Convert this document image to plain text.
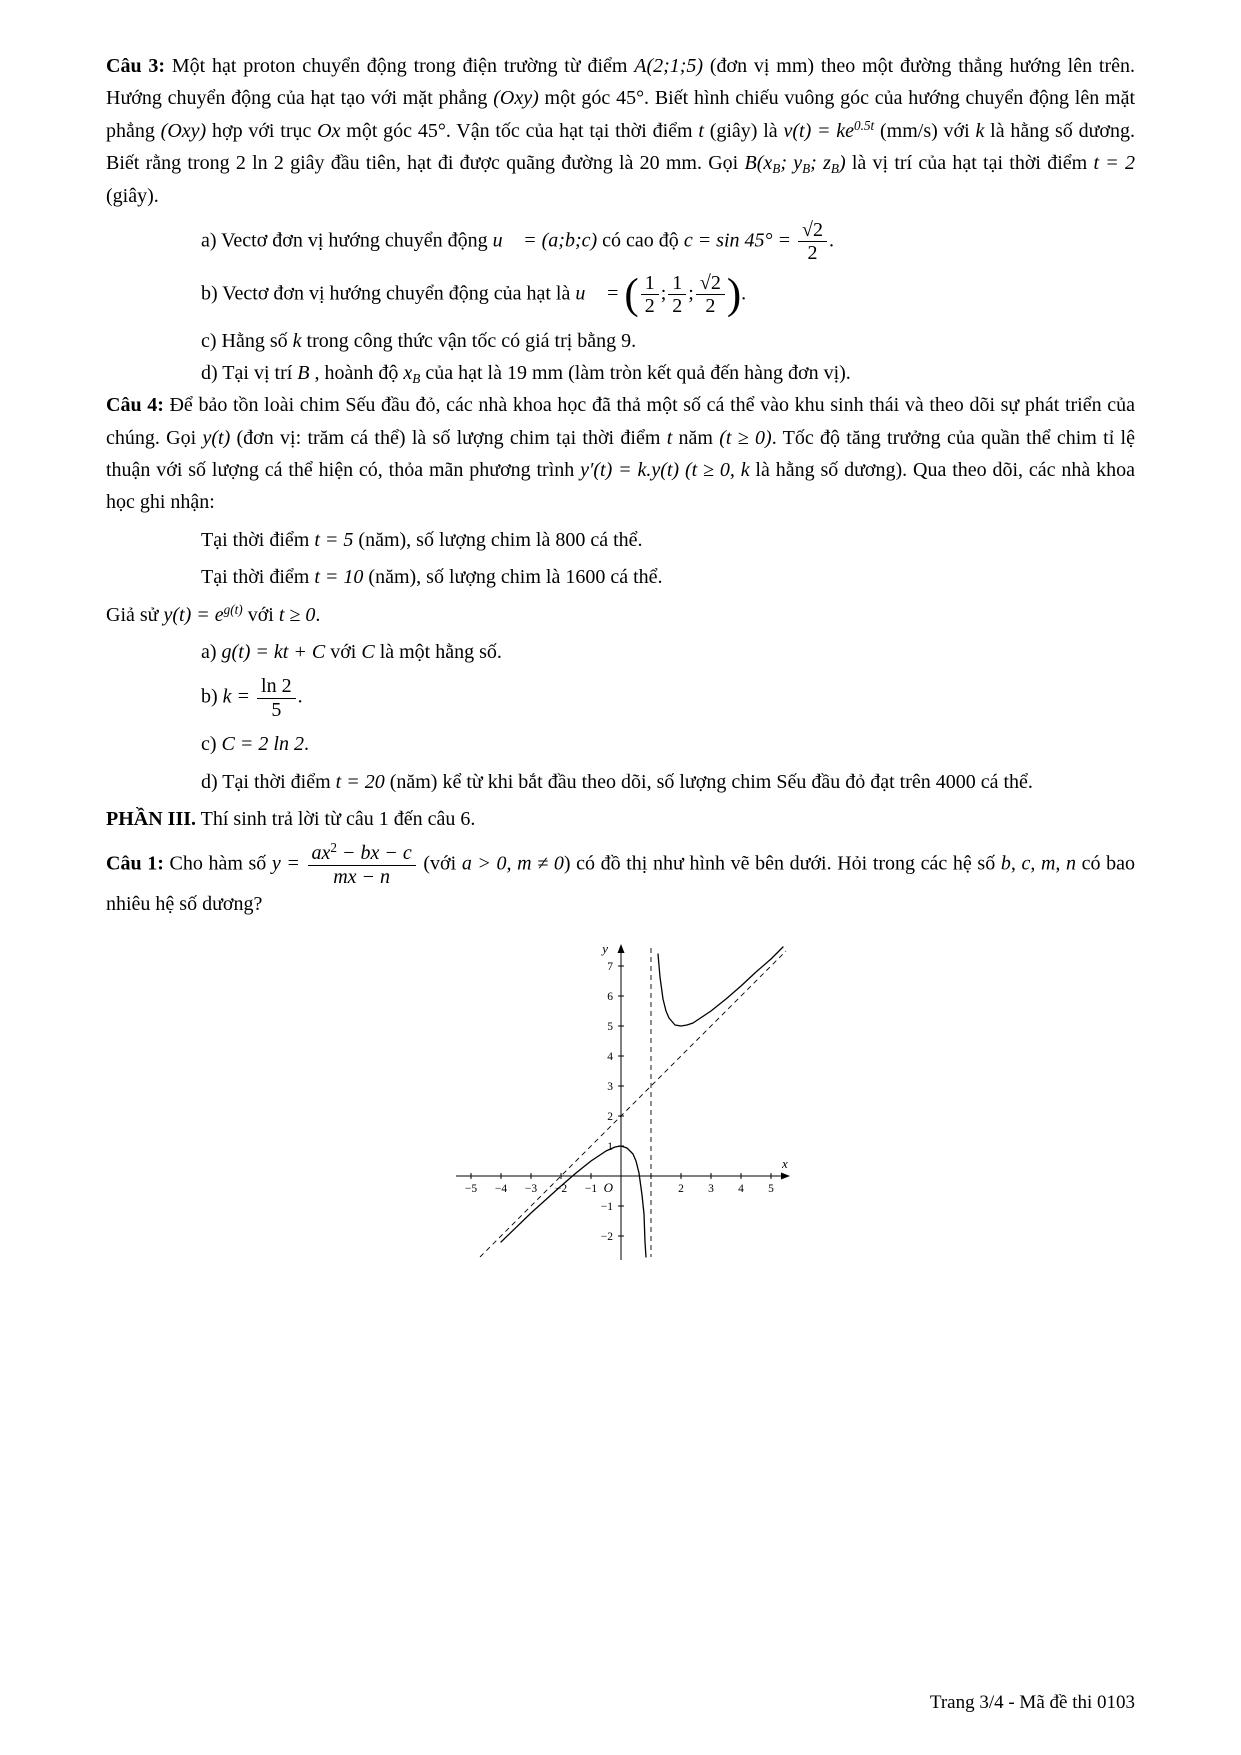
Câu 3: Một hạt proton chuyển động trong điện trường từ điểm A(2;1;5) (đơn vị mm) theo một đường thẳng hướng lên trên. Hướng chuyển động của hạt tạo với mặt phẳng (Oxy) một góc 45°. Biết hình chiếu vuông góc của hướng chuyển động lên mặt phẳng (Oxy) hợp với trục Ox một góc 45°. Vận tốc của hạt tại thời điểm t (giây) là $v(t) = ke^{0.5t}$ (mm/s) với k là hằng số dương. Biết rằng trong 2 ln 2 giây đầu tiên, hạt đi được quãng đường là 20 mm. Gọi $B(x_B$; $y_B$; $z_B$) là vị trí của hạt tại thời điểm t = 2 (giây).

a) Vectơ đơn vị hướng chuyển động u⃗ = (a;b;c) có cao độ $c = \sin 45^\circ = \frac{√2}{2}$ .

b) Vectơ đơn vị hướng chuyển động của hạt là u⃗ = ( $\frac{1}{2}$ ; $\frac{1}{2}$ ; $\frac{√2}{2}$ ).

c) Hằng số k trong công thức vận tốc có giá trị bằng 9.

d) Tại vị trí B , hoành độ $x_B$ của hạt là 19 mm (làm tròn kết quả đến hàng đơn vị).

Câu 4: Để bảo tồn loài chim Sếu đầu đỏ, các nhà khoa học đã thả một số cá thể vào khu sinh thái và theo dõi sự phát triển của chúng. Gọi y(t) (đơn vị: trăm cá thể) là số lượng chim tại thời điểm t năm (t ≥ 0). Tốc độ tăng trưởng của quần thể chim tỉ lệ thuận với số lượng cá thể hiện có, thỏa mãn phương trình y′(t) = k.y(t) (t ≥ 0, k là hằng số dương). Qua theo dõi, các nhà khoa học ghi nhận:

Tại thời điểm t = 5 (năm), số lượng chim là 800 cá thể.

Tại thời điểm t = 10 (năm), số lượng chim là 1600 cá thể.

Giả sử $y(t) = e^{g(t)}$ với t ≥ 0.

a) g(t) = kt + C với C là một hằng số.

b) $k = \frac{\ln 2}{5}$ .

c) C = 2 ln 2.

d) Tại thời điểm t = 20 (năm) kể từ khi bắt đầu theo dõi, số lượng chim Sếu đầu đỏ đạt trên 4000 cá thể.

PHẦN III. Thí sinh trả lời từ câu 1 đến câu 6.

Câu 1: Cho hàm số $y = \frac{ax^2 - bx - c}{mx - n}$ (với a > 0, m ≠ 0) có đồ thị như hình vẽ bên dưới. Hỏi trong các hệ số b, c, m, n có bao nhiêu hệ số dương?

−5 −4 −3 −2 −1	2 3 4 5
7
6
5
4
3
2
1
−1
−2
O
x
y
Trang 3/4 - Mã đề thi 0103
